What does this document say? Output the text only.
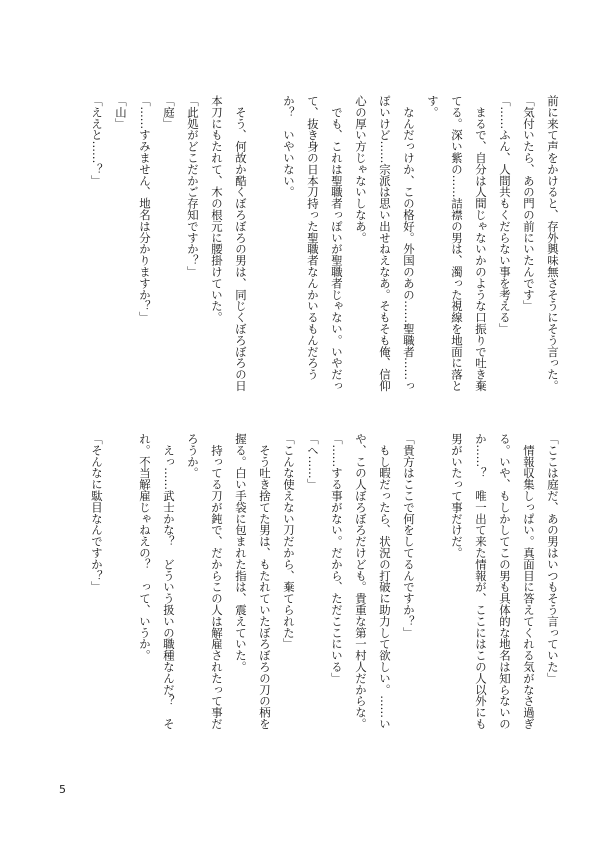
前に来て声をかけると、存外興味無さそうにそう言った。
「気付いたら、あの門の前にいたんです」
「……ふん、人間共もくだらない事を考える」
　まるで、自分は人間じゃないかのような口振りで吐き棄
てる。深い紫の……詰襟の男は、濁った視線を地面に落と
す。
　なんだっけか、この格好。外国のあの……聖職者……っ
ぽいけど……宗派は思い出せねえなあ。そもそも俺、信仰
心の厚い方じゃないしなあ。
　でも、これは聖職者っぽいが聖職者じゃない。いやだっ
て、抜き身の日本刀持った聖職者なんかいるもんだろう
か？　いやいない。
　そう、何故か酷くぼろぼろの男は、同じくぼろぼろの日
本刀にもたれて、木の根元に腰掛けていた。
「此処がどこだかご存知ですか？」
「庭」
「……すみません、地名は分かりますか？」
「山」
「ええと……？」
「ここは庭だ、あの男はいつもそう言っていた」
　情報収集しっぱい。真面目に答えてくれる気がなさ過ぎ
る。いや、もしかしてこの男も具体的な地名は知らないの
か……？　唯一出て来た情報が、ここにはこの人以外にも
男がいたって事だけだ。
「貴方はここで何をしてるんですか？」
　もし暇だったら、状況の打破に助力して欲しい。……い
や、この人ぼろぼろだけども。貴重な第一村人だからな。
「……する事がない。だから、ただここにいる」
「へ……」
「こんな使えない刀だから、棄てられた」
　そう吐き捨てた男は、もたれていたぼろぼろの刀の柄を
握る。白い手袋に包まれた指は、震えていた。
　持ってる刀が鈍で、だからこの人は解雇されたって事だ
ろうか。
　えっ……武士かな？　どういう扱いの職種なんだ？　そ
れ。不当解雇じゃねえの？　って、いうか。
「そんなに駄目なんですか？」
5
